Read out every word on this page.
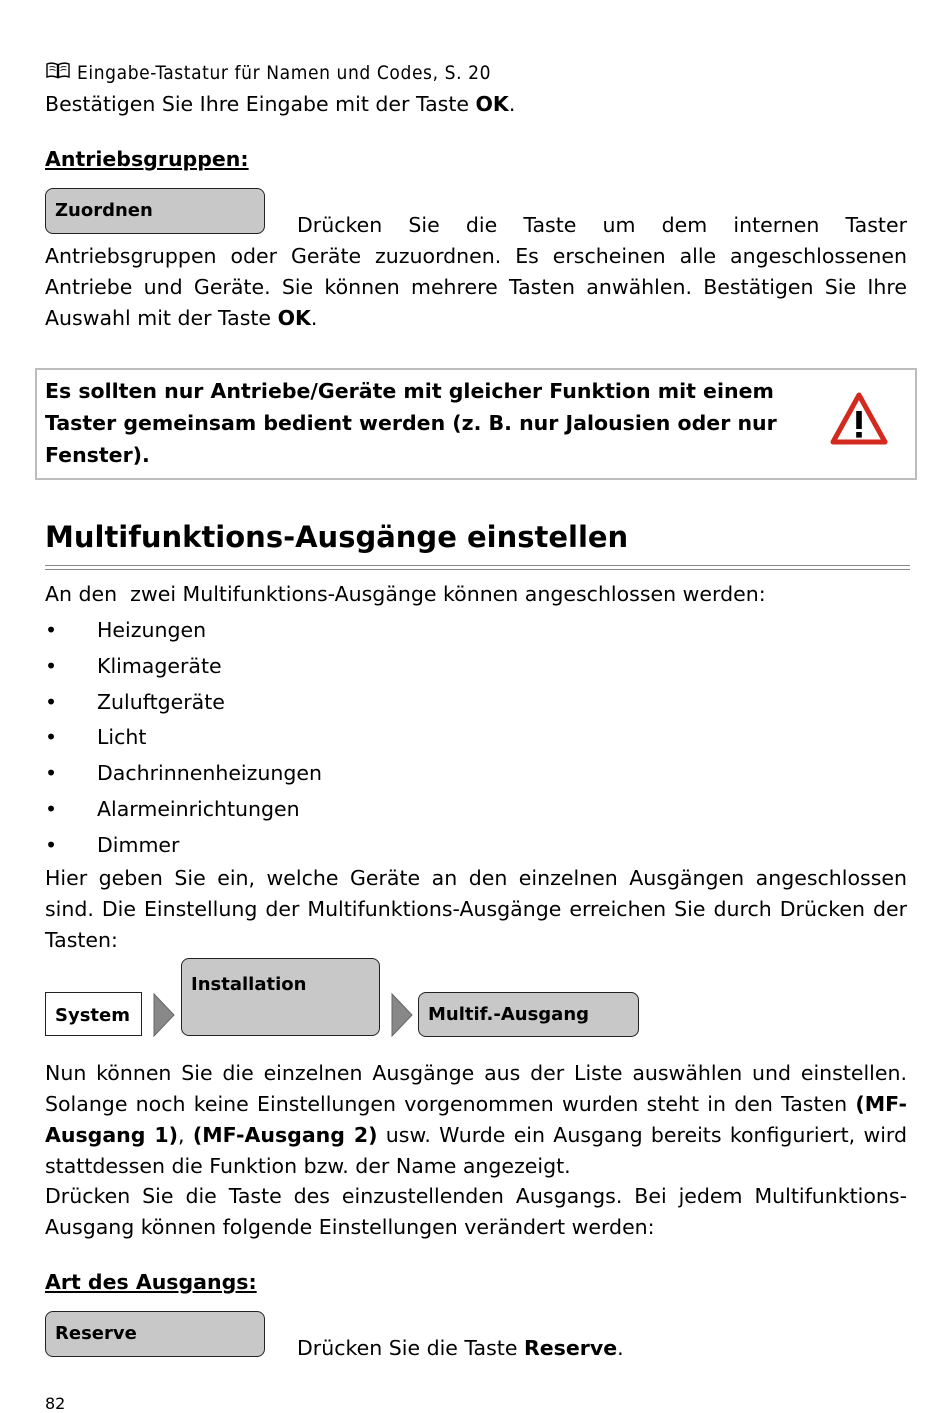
Eingabe-Tastatur für Namen und Codes, S. 20
Bestätigen Sie Ihre Eingabe mit der Taste OK.
Antriebsgruppen:
Zuordnen
Drücken Sie die Taste um dem internen Taster
Antriebsgruppen oder Geräte zuzuordnen. Es erscheinen alle angeschlossenen Antriebe und Geräte. Sie können mehrere Tasten anwählen. Bestätigen Sie Ihre Auswahl mit der Taste OK.
Es sollten nur Antriebe/Geräte mit gleicher Funktion mit einem Taster gemeinsam bedient werden (z. B. nur Jalousien oder nur Fenster).
Multifunktions-Ausgänge einstellen
An den  zwei Multifunktions-Ausgänge können angeschlossen werden:
• Heizungen
• Klimageräte
• Zuluftgeräte
• Licht
• Dachrinnenheizungen
• Alarmeinrichtungen
• Dimmer
Hier geben Sie ein, welche Geräte an den einzelnen Ausgängen angeschlossen sind. Die Einstellung der Multifunktions-Ausgänge erreichen Sie durch Drücken der Tasten:
System
Installation
Multif.-Ausgang
Nun können Sie die einzelnen Ausgänge aus der Liste auswählen und einstellen. Solange noch keine Einstellungen vorgenommen wurden steht in den Tasten (MF-Ausgang 1), (MF-Ausgang 2) usw. Wurde ein Ausgang bereits konfiguriert, wird stattdessen die Funktion bzw. der Name angezeigt.
Drücken Sie die Taste des einzustellenden Ausgangs. Bei jedem Multifunktions-Ausgang können folgende Einstellungen verändert werden:
Art des Ausgangs:
Reserve
Drücken Sie die Taste Reserve.
82
